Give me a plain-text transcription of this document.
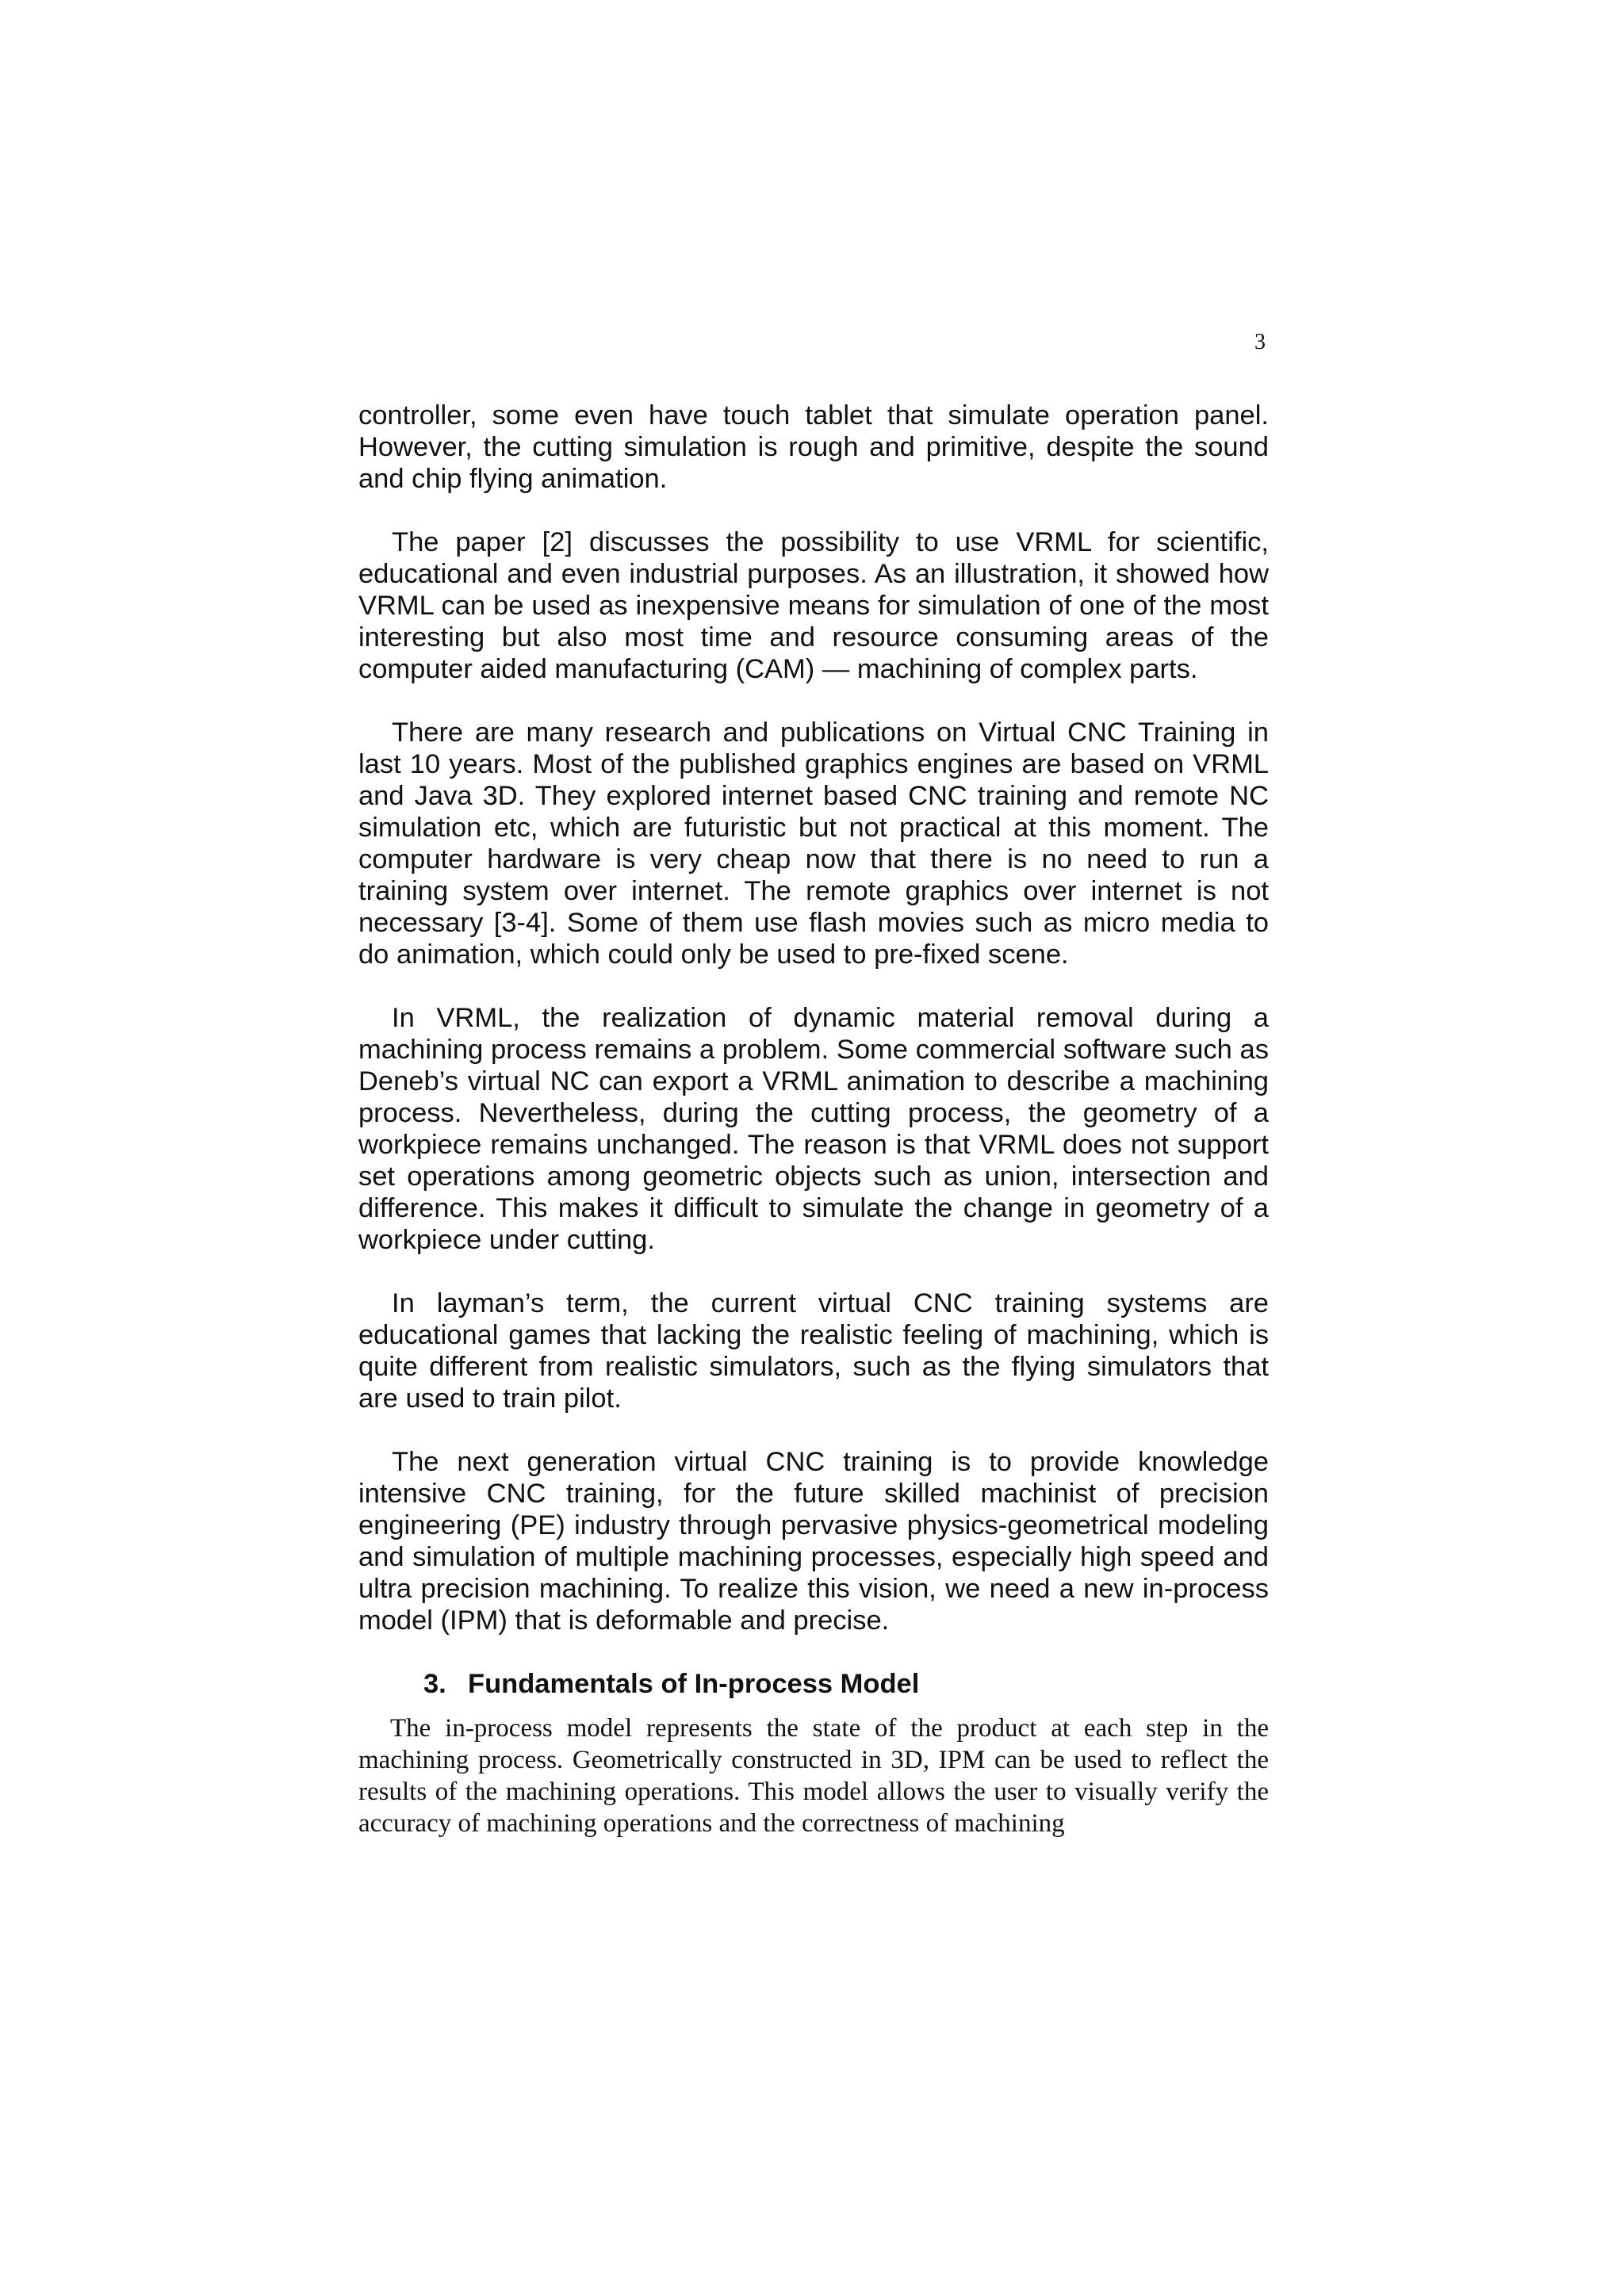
3

controller, some even have touch tablet that simulate operation panel. However, the cutting simulation is rough and primitive, despite the sound and chip flying animation.

The paper [2] discusses the possibility to use VRML for scientific, educational and even industrial purposes. As an illustration, it showed how VRML can be used as inexpensive means for simulation of one of the most interesting but also most time and resource consuming areas of the computer aided manufacturing (CAM) — machining of complex parts.

There are many research and publications on Virtual CNC Training in last 10 years. Most of the published graphics engines are based on VRML and Java 3D. They explored internet based CNC training and remote NC simulation etc, which are futuristic but not practical at this moment. The computer hardware is very cheap now that there is no need to run a training system over internet. The remote graphics over internet is not necessary [3-4]. Some of them use flash movies such as micro media to do animation, which could only be used to pre-fixed scene.

In VRML, the realization of dynamic material removal during a machining process remains a problem. Some commercial software such as Deneb’s virtual NC can export a VRML animation to describe a machining process. Nevertheless, during the cutting process, the geometry of a workpiece remains unchanged. The reason is that VRML does not support set operations among geometric objects such as union, intersection and difference. This makes it difficult to simulate the change in geometry of a workpiece under cutting.

In layman’s term, the current virtual CNC training systems are educational games that lacking the realistic feeling of machining, which is quite different from realistic simulators, such as the flying simulators that are used to train pilot.

The next generation virtual CNC training is to provide knowledge intensive CNC training, for the future skilled machinist of precision engineering (PE) industry through pervasive physics-geometrical modeling and simulation of multiple machining processes, especially high speed and ultra precision machining. To realize this vision, we need a new in-process model (IPM) that is deformable and precise.

3. Fundamentals of In-process Model

The in-process model represents the state of the product at each step in the machining process. Geometrically constructed in 3D, IPM can be used to reflect the results of the machining operations. This model allows the user to visually verify the accuracy of machining operations and the correctness of machining
